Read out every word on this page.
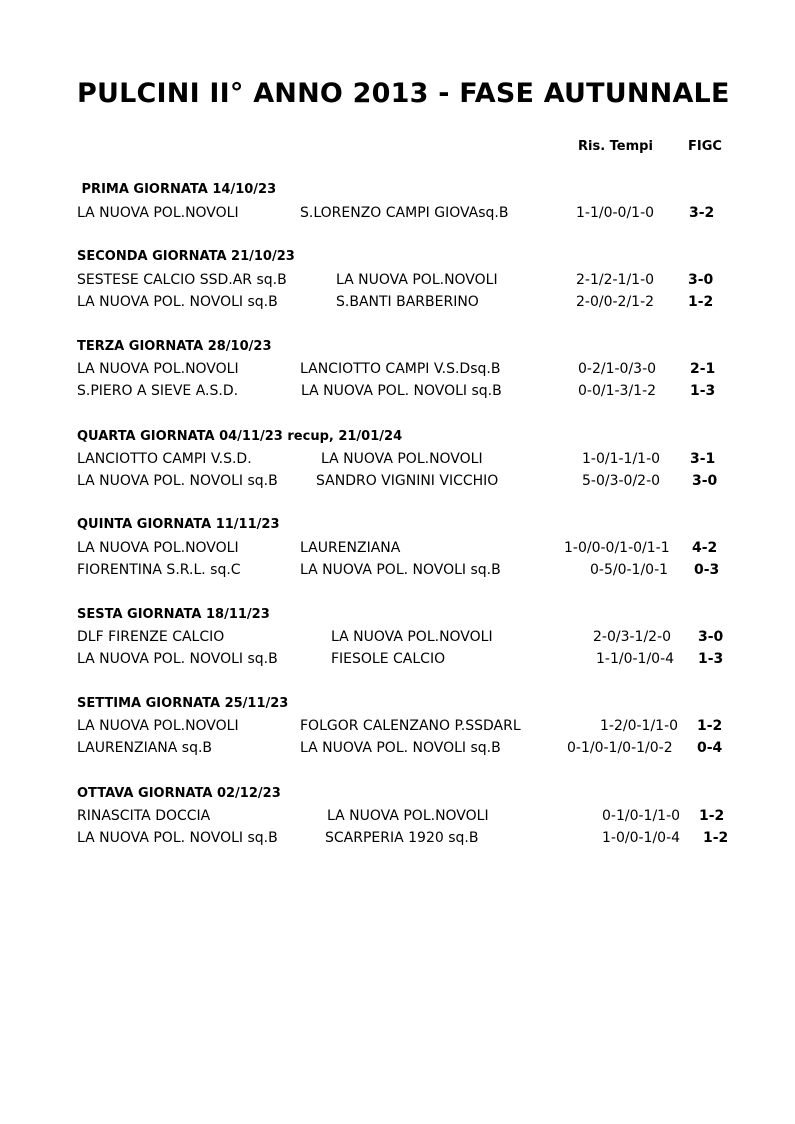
PULCINI II° ANNO 2013 - FASE AUTUNNALE
Ris. Tempi	FIGC
PRIMA GIORNATA 14/10/23
LA NUOVA POL.NOVOLI	S.LORENZO CAMPI GIOVAsq.B	1-1/0-0/1-0 3-2
SECONDA GIORNATA 21/10/23
SESTESE CALCIO SSD.AR sq.B	LA NUOVA POL.NOVOLI	2-1/2-1/1-0 3-0
LA NUOVA POL. NOVOLI sq.B	S.BANTI BARBERINO	2-0/0-2/1-2 1-2
TERZA GIORNATA 28/10/23
LA NUOVA POL.NOVOLI	LANCIOTTO CAMPI V.S.Dsq.B	0-2/1-0/3-0 2-1
S.PIERO A SIEVE A.S.D.	LA NUOVA POL. NOVOLI sq.B	0-0/1-3/1-2 1-3
QUARTA GIORNATA 04/11/23 recup, 21/01/24
LANCIOTTO CAMPI V.S.D.	LA NUOVA POL.NOVOLI	1-0/1-1/1-0 3-1
LA NUOVA POL. NOVOLI sq.B	SANDRO VIGNINI VICCHIO	5-0/3-0/2-0 3-0
QUINTA GIORNATA 11/11/23
LA NUOVA POL.NOVOLI	LAURENZIANA	1-0/0-0/1-0/1-1 4-2
FIORENTINA S.R.L. sq.C	LA NUOVA POL. NOVOLI sq.B	0-5/0-1/0-1 0-3
SESTA GIORNATA 18/11/23
DLF FIRENZE CALCIO	LA NUOVA POL.NOVOLI	2-0/3-1/2-0 3-0
LA NUOVA POL. NOVOLI sq.B	FIESOLE CALCIO	1-1/0-1/0-4 1-3
SETTIMA GIORNATA 25/11/23
LA NUOVA POL.NOVOLI	FOLGOR CALENZANO P.SSDARL	1-2/0-1/1-0 1-2
LAURENZIANA sq.B	LA NUOVA POL. NOVOLI sq.B	0-1/0-1/0-1/0-2 0-4
OTTAVA GIORNATA 02/12/23
RINASCITA DOCCIA	LA NUOVA POL.NOVOLI	0-1/0-1/1-0 1-2
LA NUOVA POL. NOVOLI sq.B	SCARPERIA 1920 sq.B	1-0/0-1/0-4 1-2
